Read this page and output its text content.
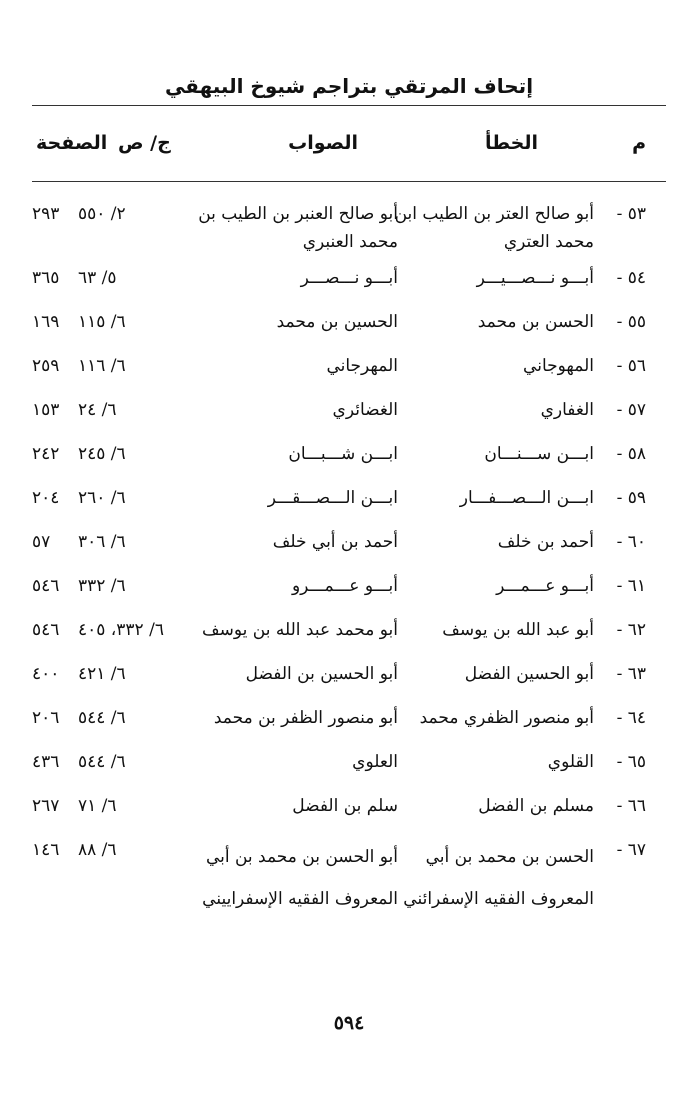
إتحاف المرتقي بتراجم شيوخ البيهقي
م
الخطأ
الصواب
ج/ ص
الصفحة
٥٣ -
أبو صالح العتر بن الطيب ابن محمد العتري
أبو صالح العنبر بن الطيب بن محمد العنبري
٢/ ٥٥٠
٢٩٣
٥٤ -
أبـــو نـــصـــيـــر
أبـــو نـــصـــر
٥/ ٦٣
٣٦٥
٥٥ -
الحسن بن محمد
الحسين بن محمد
٦/ ١١٥
١٦٩
٥٦ -
المهوجاني
المهرجاني
٦/ ١١٦
٢٥٩
٥٧ -
الغفاري
الغضائري
٦/ ٢٤
١٥٣
٥٨ -
ابـــن ســـنـــان
ابـــن شـــبـــان
٦/ ٢٤٥
٢٤٢
٥٩ -
ابـــن الـــصـــفـــار
ابـــن الـــصـــقـــر
٦/ ٢٦٠
٢٠٤
٦٠ -
أحمد بن خلف
أحمد بن أبي خلف
٦/ ٣٠٦
٥٧
٦١ -
أبـــو عـــمـــر
أبـــو عـــمـــرو
٦/ ٣٣٢
٥٤٦
٦٢ -
أبو عبد الله بن يوسف
أبو محمد عبد الله بن يوسف
٦/ ٣٣٢، ٤٠٥
٥٤٦
٦٣ -
أبو الحسين الفضل
أبو الحسين بن الفضل
٦/ ٤٢١
٤٠٠
٦٤ -
أبو منصور الظفري محمد
أبو منصور الظفر بن محمد
٦/ ٥٤٤
٢٠٦
٦٥ -
القلوي
العلوي
٦/ ٥٤٤
٤٣٦
٦٦ -
مسلم بن الفضل
سلم بن الفضل
٦/ ٧١
٢٦٧
٦٧ -
الحسن بن محمد بن أبي المعروف الفقيه الإسفرائني
أبو الحسن بن محمد بن أبي المعروف الفقيه الإسفراييني
٦/ ٨٨
١٤٦
٥٩٤
